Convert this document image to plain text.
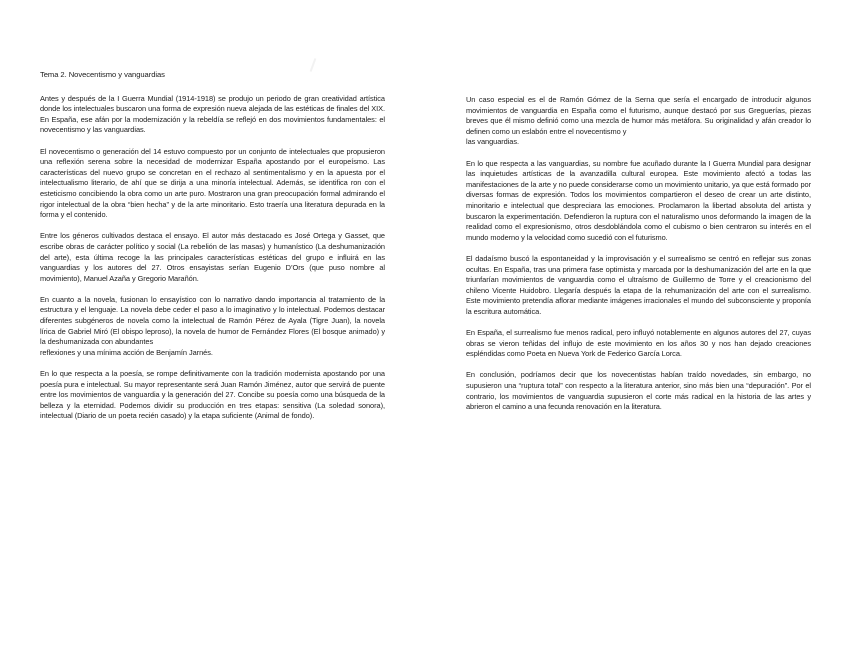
Tema 2. Novecentismo y vanguardias

Antes y después de la I Guerra Mundial (1914-1918) se produjo un periodo de gran creatividad artística donde los intelectuales buscaron una forma de expresión nueva alejada de las estéticas de finales del XIX. En España, ese afán por la modernización y la rebeldía se reflejó en dos movimientos fundamentales: el novecentismo y las vanguardias.

El novecentismo o generación del 14 estuvo compuesto por un conjunto de intelectuales que propusieron una reflexión serena sobre la necesidad de modernizar España apostando por el europeísmo. Las características del nuevo grupo se concretan en el rechazo al sentimentalismo y en la apuesta por el intelectualismo literario, de ahí que se dirija a una minoría intelectual. Además, se identifica ron con el esteticismo concibiendo la obra como un arte puro. Mostraron una gran preocupación formal admirando el rigor intelectual de la obra “bien hecha” y de la arte minoritario. Esto traería una literatura depurada en la forma y el contenido.

Entre los géneros cultivados destaca el ensayo. El autor más destacado es José Ortega y Gasset, que escribe obras de carácter político y social (La rebelión de las masas) y humanístico (La deshumanización del arte), esta última recoge la las principales características estéticas del grupo e influirá en las vanguardias y los autores del 27. Otros ensayistas serían Eugenio D’Ors (que puso nombre al movimiento), Manuel Azaña y Gregorio Marañón.

En cuanto a la novela, fusionan lo ensayístico con lo narrativo dando importancia al tratamiento de la estructura y el lenguaje. La novela debe ceder el paso a lo imaginativo y lo intelectual. Podemos destacar diferentes subgéneros de novela como la intelectual de Ramón Pérez de Ayala (Tigre Juan), la novela lírica de Gabriel Miró (El obispo leproso), la novela de humor de Fernández Flores (El bosque animado) y la deshumanizada con abundantes
reflexiones y una mínima acción de Benjamín Jarnés.

En lo que respecta a la poesía, se rompe definitivamente con la tradición modernista apostando por una poesía pura e intelectual. Su mayor representante será Juan Ramón Jiménez, autor que servirá de puente entre los movimientos de vanguardia y la generación del 27. Concibe su poesía como una búsqueda de la belleza y la eternidad. Podemos dividir su producción en tres etapas: sensitiva (La soledad sonora), intelectual (Diario de un poeta recién casado) y la etapa suficiente (Animal de fondo).

Un caso especial es el de Ramón Gómez de la Serna que sería el encargado de introducir algunos movimientos de vanguardia en España como el futurismo, aunque destacó por sus Greguerías, piezas breves que él mismo definió como una mezcla de humor más metáfora. Su originalidad y afán creador lo definen como un eslabón entre el novecentismo y
las vanguardias.

En lo que respecta a las vanguardias, su nombre fue acuñado durante la I Guerra Mundial para designar las inquietudes artísticas de la avanzadilla cultural europea. Este movimiento afectó a todas las manifestaciones de la arte y no puede considerarse como un movimiento unitario, ya que está formado por diversas formas de expresión. Todos los movimientos compartieron el deseo de crear un arte distinto, minoritario e intelectual que despreciara las emociones. Proclamaron la libertad absoluta del artista y buscaron la experimentación. Defendieron la ruptura con el naturalismo unos deformando la imagen de la realidad como el expresionismo, otros desdoblándola como el cubismo o bien centraron su interés en el mundo moderno y la velocidad como sucedió con el futurismo.

El dadaísmo buscó la espontaneidad y la improvisación y el surrealismo se centró en reflejar sus zonas ocultas. En España, tras una primera fase optimista y marcada por la deshumanización del arte en la que triunfarían movimientos de vanguardia como el ultraísmo de Guillermo de Torre y el creacionismo del chileno Vicente Huidobro. Llegaría después la etapa de la rehumanización del arte con el surrealismo. Este movimiento pretendía aflorar mediante imágenes irracionales el mundo del subconsciente y proponía la escritura automática.

En España, el surrealismo fue menos radical, pero influyó notablemente en algunos autores del 27, cuyas obras se vieron teñidas del influjo de este movimiento en los años 30 y nos han dejado creaciones espléndidas como Poeta en Nueva York de Federico García Lorca.

En conclusión, podríamos decir que los novecentistas habían traído novedades, sin embargo, no supusieron una “ruptura total” con respecto a la literatura anterior, sino más bien una “depuración”. Por el contrario, los movimientos de vanguardia supusieron el corte más radical en la historia de las artes y abrieron el camino a una fecunda renovación en la literatura.
